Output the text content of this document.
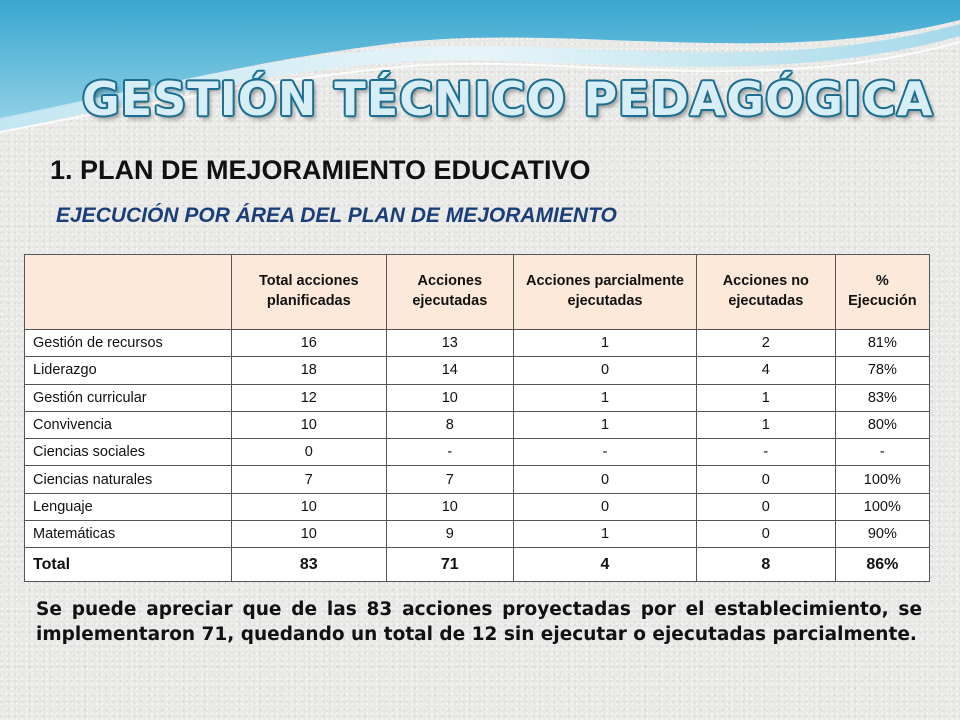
GESTIÓN TÉCNICO PEDAGÓGICA
1. PLAN DE MEJORAMIENTO EDUCATIVO
EJECUCIÓN POR ÁREA DEL PLAN DE MEJORAMIENTO
	Total acciones planificadas	Acciones ejecutadas	Acciones parcialmente ejecutadas	Acciones no ejecutadas	% Ejecución
Gestión de recursos	16	13	1	2	81%
Liderazgo	18	14	0	4	78%
Gestión curricular	12	10	1	1	83%
Convivencia	10	8	1	1	80%
Ciencias sociales	0	-	-	-	-
Ciencias naturales	7	7	0	0	100%
Lenguaje	10	10	0	0	100%
Matemáticas	10	9	1	0	90%
Total	83	71	4	8	86%

Se puede apreciar que de las 83 acciones proyectadas por el establecimiento, se implementaron 71, quedando un total de 12 sin ejecutar o ejecutadas parcialmente.
